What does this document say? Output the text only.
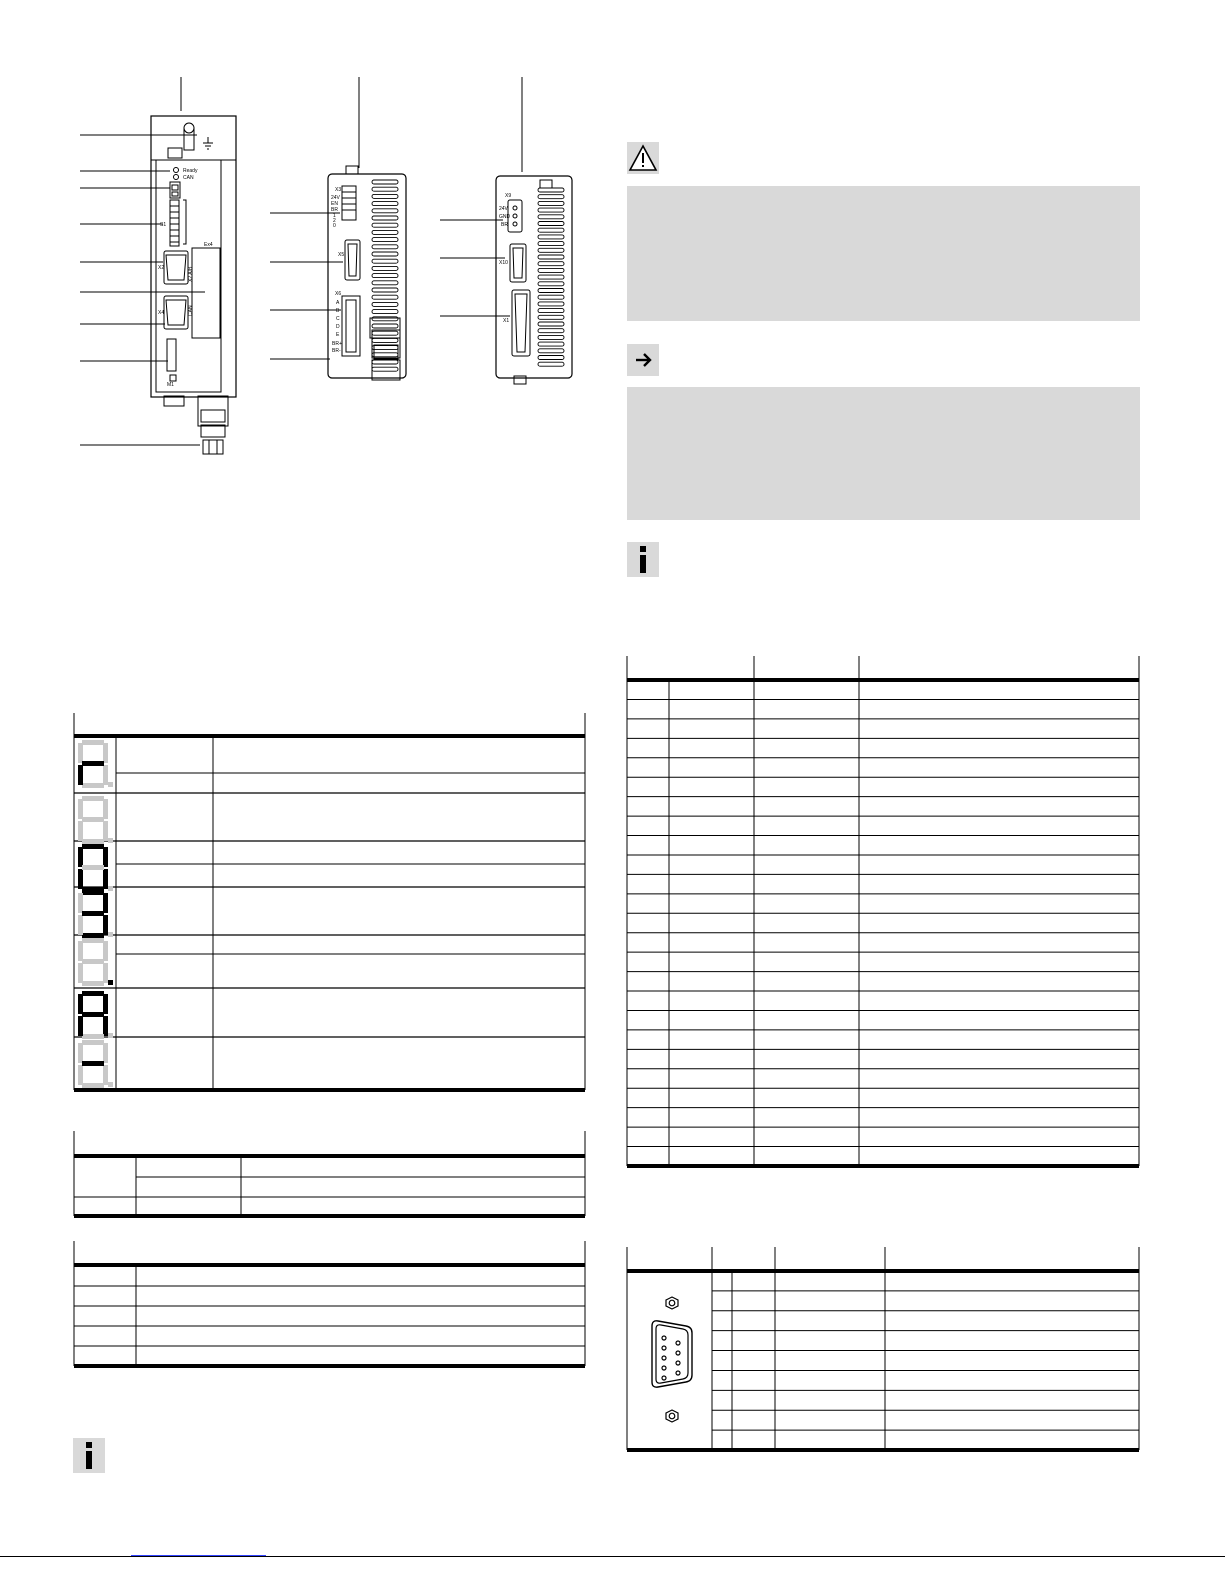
Ready
CAN
S1
X2
X4
M1
Ex4
X2 A/B
CAN
X3
X5
X6
24V
EN
BR
1
2
0
A
B
C
D
E
BR+
BR-
X9
X10
X1
24V
GND
BR
